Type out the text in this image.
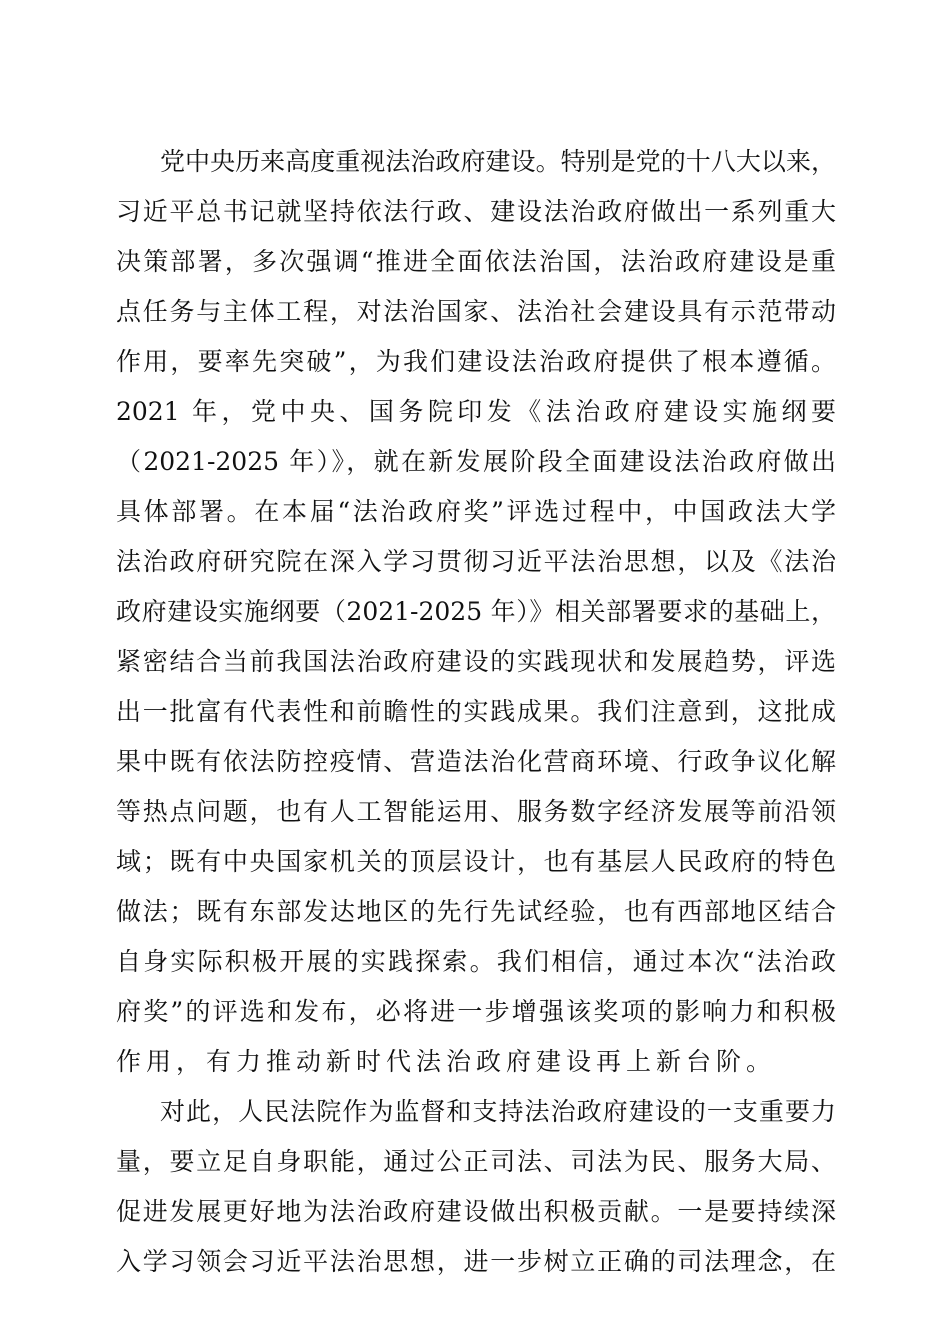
党中央历来高度重视法治政府建设。特别是党的十八大以来，
习近平总书记就坚持依法行政、建设法治政府做出一系列重大
决策部署，多次强调“推进全面依法治国，法治政府建设是重
点任务与主体工程，对法治国家、法治社会建设具有示范带动
作用，要率先突破”，为我们建设法治政府提供了根本遵循。
2021 年，党中央、国务院印发《法治政府建设实施纲要
（2021-2025 年）》，就在新发展阶段全面建设法治政府做出
具体部署。在本届“法治政府奖”评选过程中，中国政法大学
法治政府研究院在深入学习贯彻习近平法治思想，以及《法治
政府建设实施纲要（2021-2025 年）》相关部署要求的基础上，
紧密结合当前我国法治政府建设的实践现状和发展趋势，评选
出一批富有代表性和前瞻性的实践成果。我们注意到，这批成
果中既有依法防控疫情、营造法治化营商环境、行政争议化解
等热点问题，也有人工智能运用、服务数字经济发展等前沿领
域；既有中央国家机关的顶层设计，也有基层人民政府的特色
做法；既有东部发达地区的先行先试经验，也有西部地区结合
自身实际积极开展的实践探索。我们相信，通过本次“法治政
府奖”的评选和发布，必将进一步增强该奖项的影响力和积极
作用，有力推动新时代法治政府建设再上新台阶。
对此，人民法院作为监督和支持法治政府建设的一支重要力
量，要立足自身职能，通过公正司法、司法为民、服务大局、
促进发展更好地为法治政府建设做出积极贡献。一是要持续深
入学习领会习近平法治思想，进一步树立正确的司法理念，在
